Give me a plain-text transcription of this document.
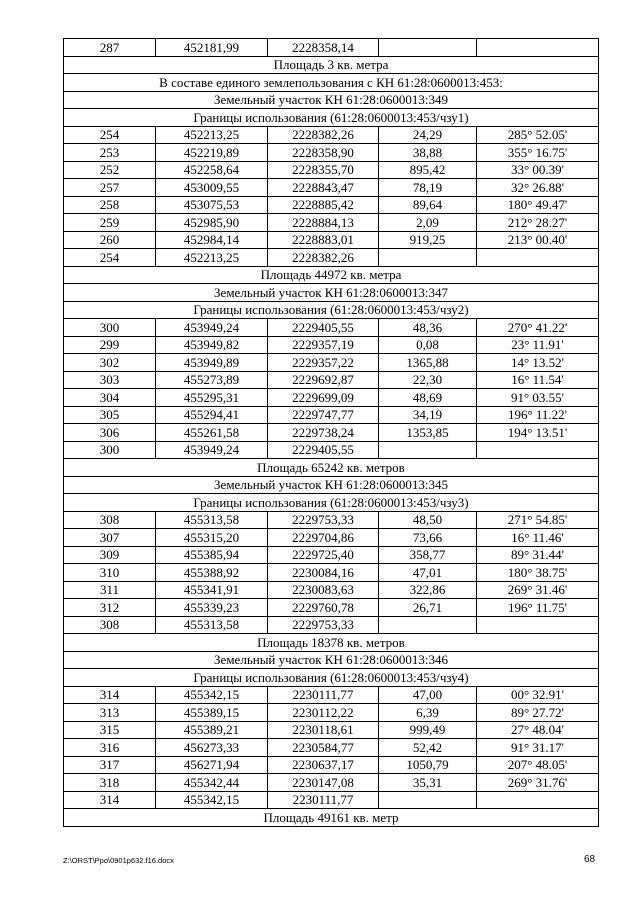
287	452181,99	2228358,14		
Площадь 3 кв. метра				
В составе единого землепользования с КН 61:28:0600013:453:				
Земельный участок КН 61:28:0600013:349				
Границы использования (61:28:0600013:453/чзу1)				
254	452213,25	2228382,26	24,29	285° 52.05'
253	452219,89	2228358,90	38,88	355° 16.75'
252	452258,64	2228355,70	895,42	33° 00.39'
257	453009,55	2228843,47	78,19	32° 26.88'
258	453075,53	2228885,42	89,64	180° 49.47'
259	452985,90	2228884,13	2,09	212° 28.27'
260	452984,14	2228883,01	919,25	213° 00.40'
254	452213,25	2228382,26		
Площадь 44972 кв. метра				
Земельный участок КН 61:28:0600013:347				
Границы использования (61:28:0600013:453/чзу2)				
300	453949,24	2229405,55	48,36	270° 41.22'
299	453949,82	2229357,19	0,08	23° 11.91'
302	453949,89	2229357,22	1365,88	14° 13.52'
303	455273,89	2229692,87	22,30	16° 11.54'
304	455295,31	2229699,09	48,69	91° 03.55'
305	455294,41	2229747,77	34,19	196° 11.22'
306	455261,58	2229738,24	1353,85	194° 13.51'
300	453949,24	2229405,55		
Площадь 65242 кв. метров				
Земельный участок КН 61:28:0600013:345				
Границы использования (61:28:0600013:453/чзу3)				
308	455313,58	2229753,33	48,50	271° 54.85'
307	455315,20	2229704,86	73,66	16° 11.46'
309	455385,94	2229725,40	358,77	89° 31.44'
310	455388,92	2230084,16	47,01	180° 38.75'
311	455341,91	2230083,63	322,86	269° 31.46'
312	455339,23	2229760,78	26,71	196° 11.75'
308	455313,58	2229753,33		
Площадь 18378 кв. метров				
Земельный участок КН 61:28:0600013:346				
Границы использования (61:28:0600013:453/чзу4)				
314	455342,15	2230111,77	47,00	00° 32.91'
313	455389,15	2230112,22	6,39	89° 27.72'
315	455389,21	2230118,61	999,49	27° 48.04'
316	456273,33	2230584,77	52,42	91° 31.17'
317	456271,94	2230637,17	1050,79	207° 48.05'
318	455342,44	2230147,08	35,31	269° 31.76'
314	455342,15	2230111,77		
Площадь 49161 кв. метр				
Z:\ORST\Ppo\0901p632.f16.docx	68
